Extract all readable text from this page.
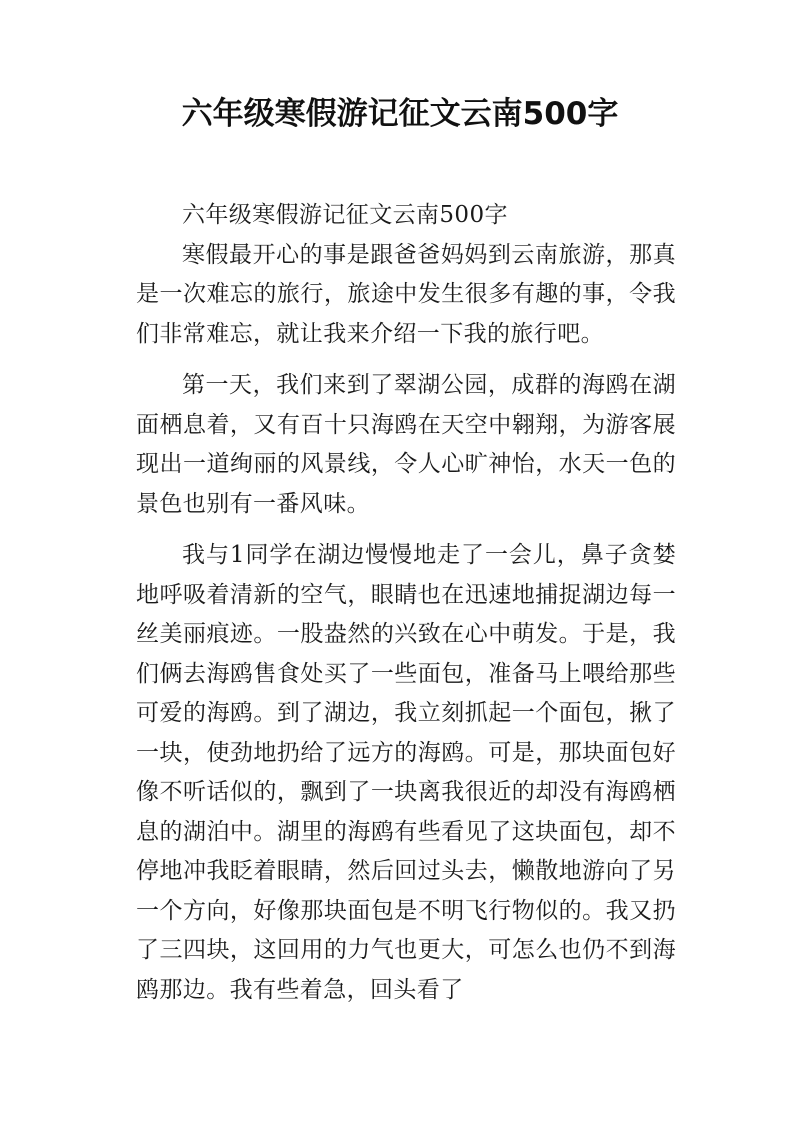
六年级寒假游记征文云南500字

六年级寒假游记征文云南500字

寒假最开心的事是跟爸爸妈妈到云南旅游，那真是一次难忘的旅行，旅途中发生很多有趣的事，令我们非常难忘，就让我来介绍一下我的旅行吧。

第一天，我们来到了翠湖公园，成群的海鸥在湖面栖息着，又有百十只海鸥在天空中翱翔，为游客展现出一道绚丽的风景线，令人心旷神怡，水天一色的景色也别有一番风味。

我与1同学在湖边慢慢地走了一会儿，鼻子贪婪地呼吸着清新的空气，眼睛也在迅速地捕捉湖边每一丝美丽痕迹。一股盎然的兴致在心中萌发。于是，我们俩去海鸥售食处买了一些面包，准备马上喂给那些可爱的海鸥。到了湖边，我立刻抓起一个面包，揪了一块，使劲地扔给了远方的海鸥。可是，那块面包好像不听话似的，飘到了一块离我很近的却没有海鸥栖息的湖泊中。湖里的海鸥有些看见了这块面包，却不停地冲我眨着眼睛，然后回过头去，懒散地游向了另一个方向，好像那块面包是不明飞行物似的。我又扔了三四块，这回用的力气也更大，可怎么也仍不到海鸥那边。我有些着急，回头看了
